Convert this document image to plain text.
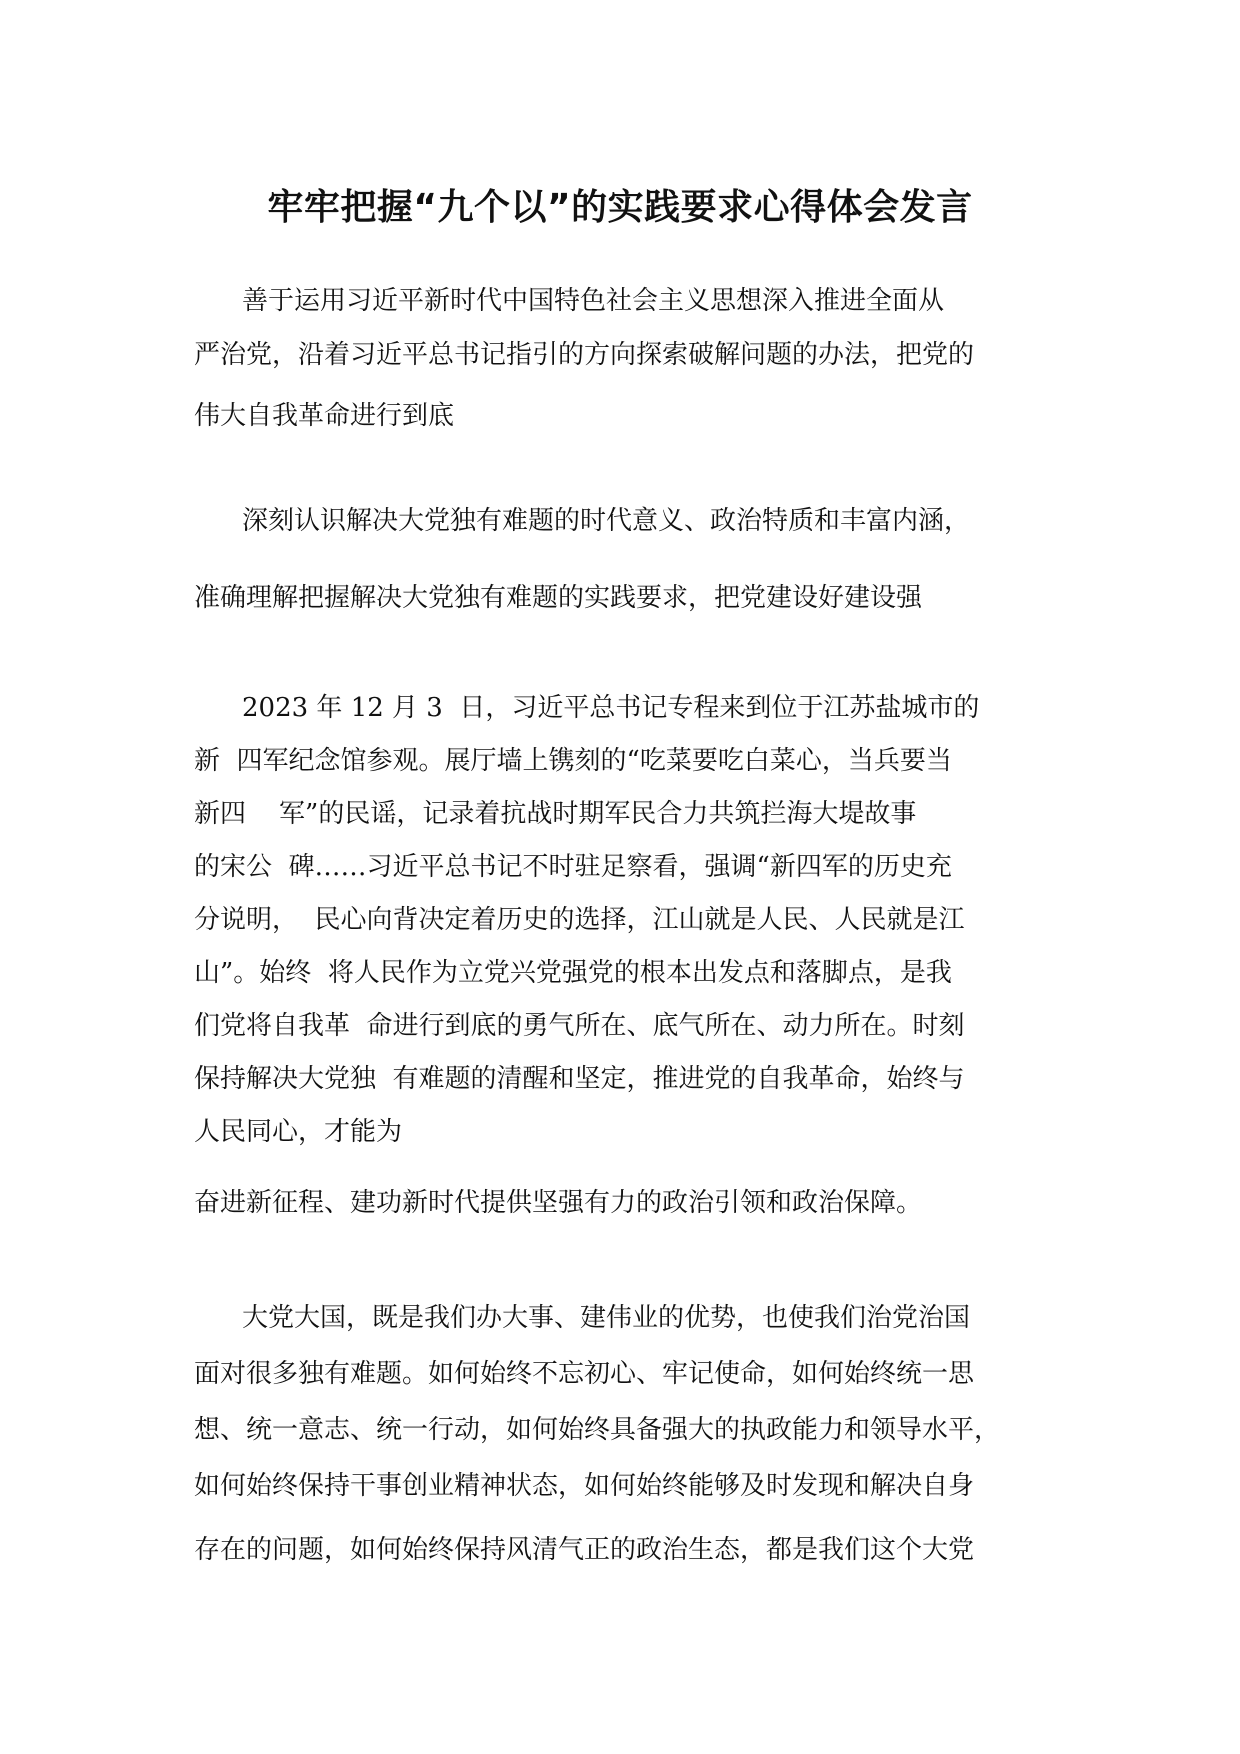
牢牢把握“九个以”的实践要求心得体会发言

善于运用习近平新时代中国特色社会主义思想深入推进全面从

严治党，沿着习近平总书记指引的方向探索破解问题的办法，把党的

伟大自我革命进行到底

深刻认识解决大党独有难题的时代意义、政治特质和丰富内涵，

准确理解把握解决大党独有难题的实践要求，把党建设好建设强

2023 年 12 月 3  日，习近平总书记专程来到位于江苏盐城市的

新  四军纪念馆参观。展厅墙上镌刻的“吃菜要吃白菜心，当兵要当

新四    军”的民谣，记录着抗战时期军民合力共筑拦海大堤故事

的宋公  碑……习近平总书记不时驻足察看，强调“新四军的历史充

分说明，  民心向背决定着历史的选择，江山就是人民、人民就是江

山”。始终  将人民作为立党兴党强党的根本出发点和落脚点，是我

们党将自我革  命进行到底的勇气所在、底气所在、动力所在。时刻

保持解决大党独  有难题的清醒和坚定，推进党的自我革命，始终与

人民同心，才能为

奋进新征程、建功新时代提供坚强有力的政治引领和政治保障。

大党大国，既是我们办大事、建伟业的优势，也使我们治党治国

面对很多独有难题。如何始终不忘初心、牢记使命，如何始终统一思

想、统一意志、统一行动，如何始终具备强大的执政能力和领导水平，

如何始终保持干事创业精神状态，如何始终能够及时发现和解决自身

存在的问题，如何始终保持风清气正的政治生态，都是我们这个大党
